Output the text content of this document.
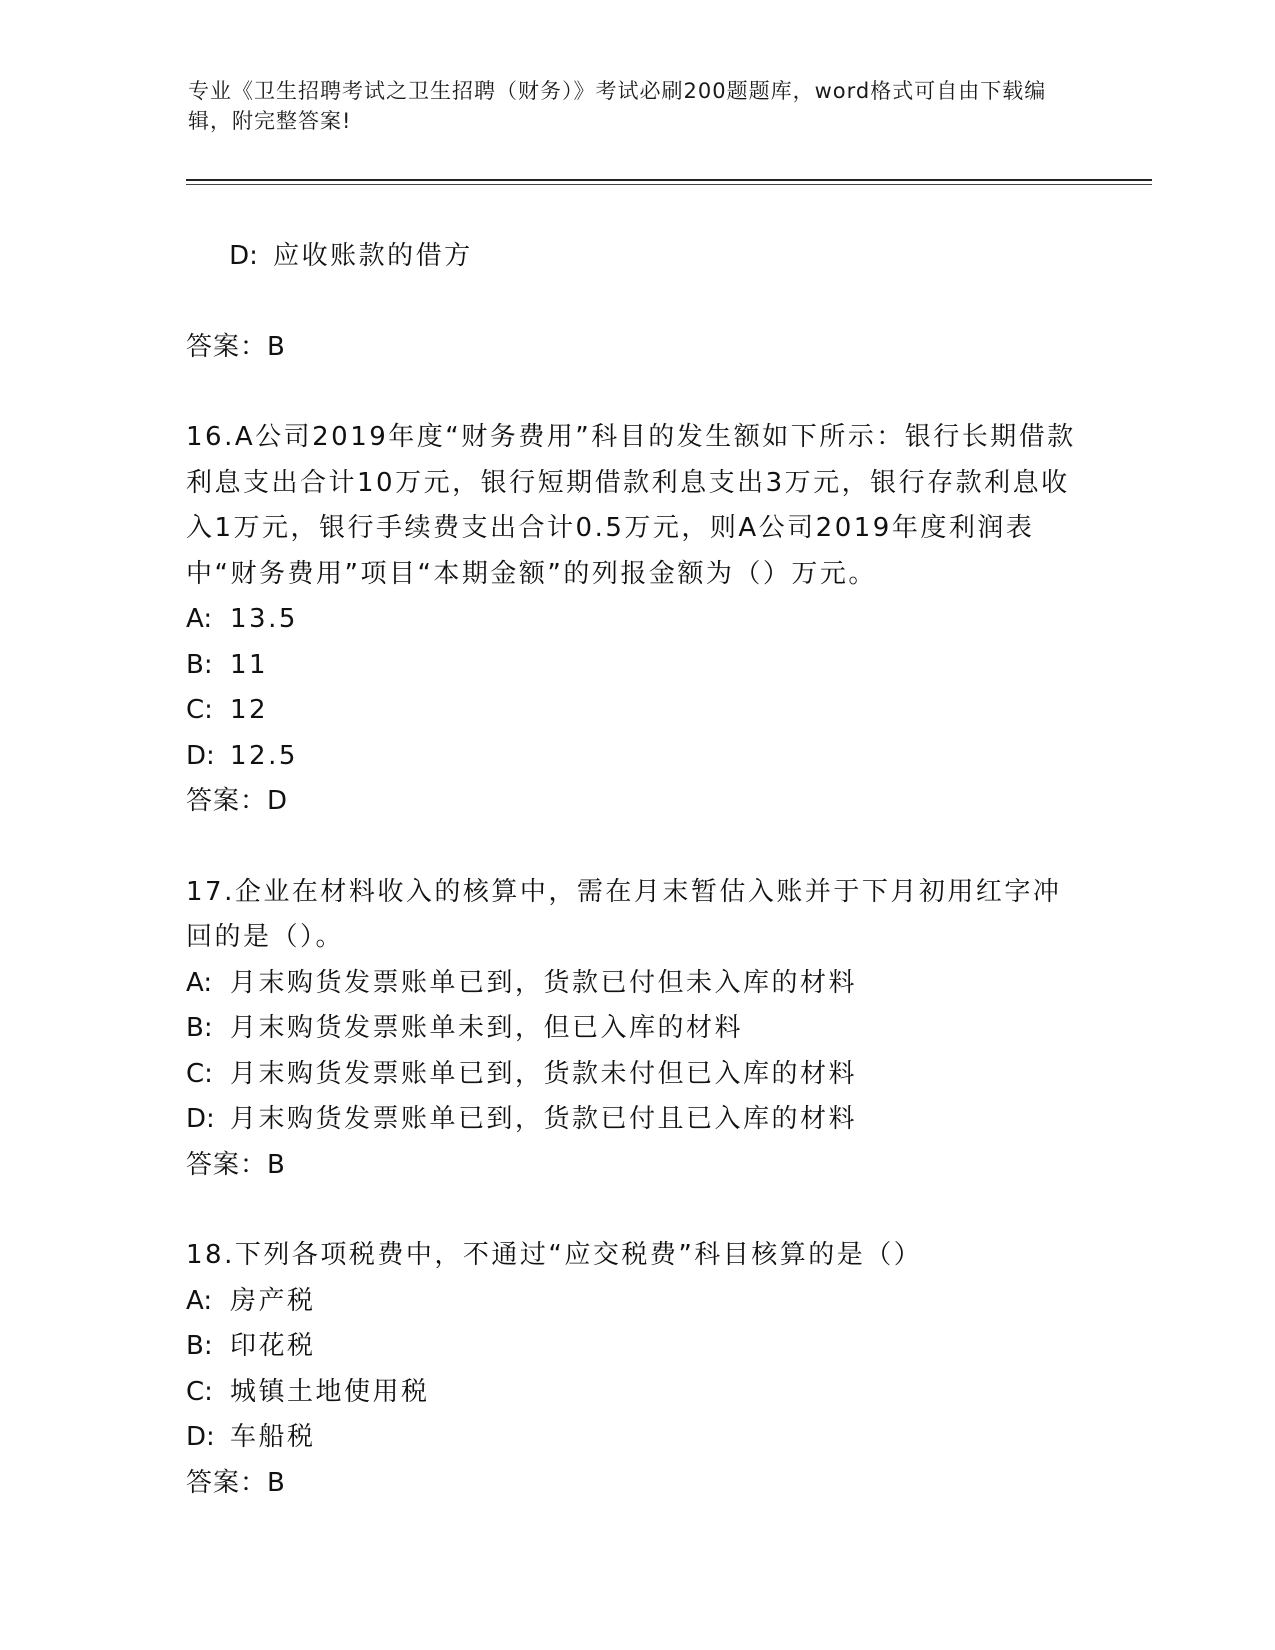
专业《卫生招聘考试之卫生招聘（财务）》考试必刷200题题库，word格式可自由下载编辑，附完整答案!

D: 应收账款的借方

答案：B
16.A公司2019年度“财务费用”科目的发生额如下所示：银行长期借款利息支出合计10万元，银行短期借款利息支出3万元，银行存款利息收入1万元，银行手续费支出合计0.5万元，则A公司2019年度利润表中“财务费用”项目“本期金额”的列报金额为（）万元。
A: 13.5
B: 11
C: 12
D: 12.5
答案：D
17.企业在材料收入的核算中，需在月末暂估入账并于下月初用红字冲回的是（）。
A: 月末购货发票账单已到，货款已付但未入库的材料
B: 月末购货发票账单未到，但已入库的材料
C: 月末购货发票账单已到，货款未付但已入库的材料
D: 月末购货发票账单已到，货款已付且已入库的材料
答案：B
18.下列各项税费中，不通过“应交税费”科目核算的是（）
A: 房产税
B: 印花税
C: 城镇土地使用税
D: 车船税
答案：B
